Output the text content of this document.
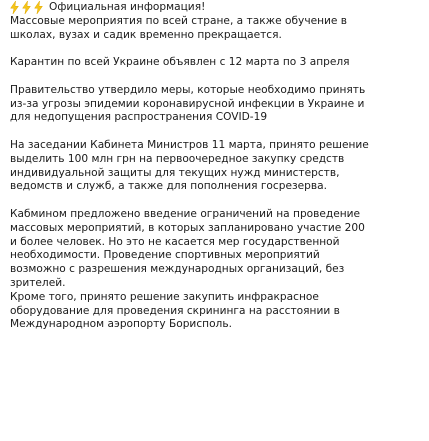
Официальная информация!
Массовые мероприятия по всей стране, а также обучение в
школах, вузах и садик временно прекращается.
Карантин по всей Украине объявлен с 12 марта по 3 апреля
Правительство утвердило меры, которые необходимо принять
из-за угрозы эпидемии коронавирусной инфекции в Украине и
для недопущения распространения COVID-19
На заседании Кабинета Министров 11 марта, принято решение
выделить 100 млн грн на первоочередное закупку средств
индивидуальной защиты для текущих нужд министерств,
ведомств и служб, а также для пополнения госрезерва.
Кабмином предложено введение ограничений на проведение
массовых мероприятий, в которых запланировано участие 200
и более человек. Но это не касается мер государственной
необходимости. Проведение спортивных мероприятий
возможно с разрешения международных организаций, без
зрителей.
Кроме того, принято решение закупить инфракрасное
оборудование для проведения скрининга на расстоянии в
Международном аэропорту Борисполь.
